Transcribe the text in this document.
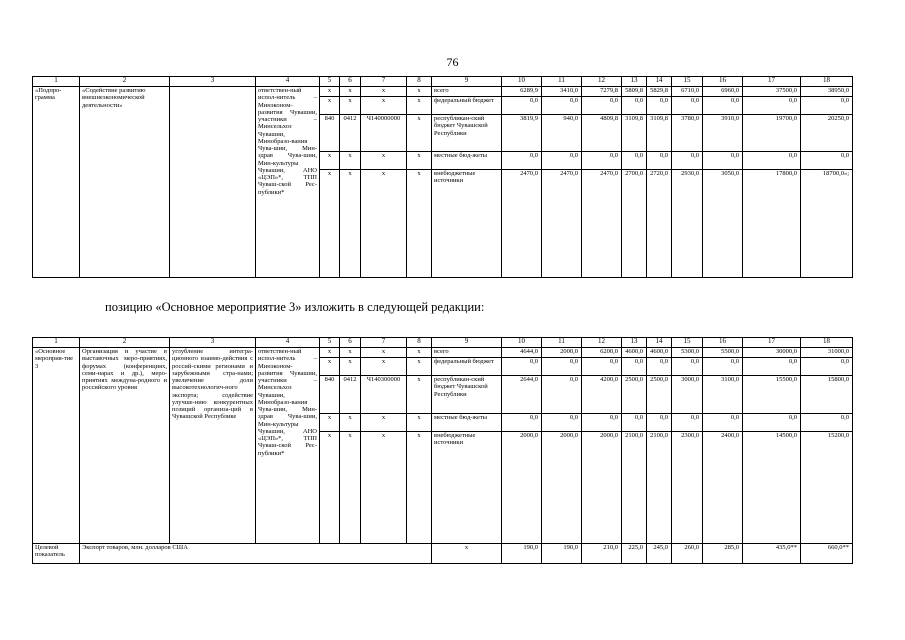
76
1	2	3	4	5	6	7	8	9	10	11	12	13	14	15	16	17	18
«Подпро-грамма	«Содействие развитию внешнеэкономической деятельности»		ответствен-ный испол-нитель – Минэконом-развития Чувашии, участники – Минсельхоз Чувашии, Минобразо-вания Чува-шии, Мин-здрав Чува-шии, Мин-культуры Чувашии, АНО «ЦЭП»*, ТПП Чуваш-ской Рес-публики*	х	х	х	х	всего	6289,9	3410,0	7279,8	5809,8	5829,8	6710,0	6960,0	37500,0	38950,0
				х	х	х	х	федеральный бюджет	0,0	0,0	0,0	0,0	0,0	0,0	0,0	0,0	0,0
				840	0412	Ч140000000	х	республикан-ский бюджет Чувашской Республики	3819,9	940,0	4809,8	3109,8	3109,8	3780,0	3910,0	19700,0	20250,0
				х	х	х	х	местные бюд-жеты	0,0	0,0	0,0	0,0	0,0	0,0	0,0	0,0	0,0
				х	х	х	х	внебюджетные источники	2470,0	2470,0	2470,0	2700,0	2720,0	2930,0	3050,0	17800,0	18700,0»;
позицию «Основное мероприятие 3» изложить в следующей редакции:
1	2	3	4	5	6	7	8	9	10	11	12	13	14	15	16	17	18
«Основное мероприя-тие 3	Организация и участие в выставочных меро-приятиях, форумах (конференциях, семи-нарах и др.), меро-приятиях междуна-родного и российского уровня	углубление интегра-ционного взаимо-действия с россий-скими регионами и зарубежными стра-нами; увеличение доли высокотехнологич-ного экспорта; содействие улучше-нию конкурентных позиций организа-ций в Чувашской Республике	ответствен-ный испол-нитель – Минэконом-развития Чувашии, участники – Минсельхоз Чувашии, Минобразо-вания Чува-шии, Мин-здрав Чува-шии, Мин-культуры Чувашии, АНО «ЦЭП»*, ТПП Чуваш-ской Рес-публики*	х	х	х	х	всего	4644,0	2000,0	6200,0	4600,0	4600,0	5300,0	5500,0	30000,0	31000,0
				х	х	х	х	федеральный бюджет	0,0	0,0	0,0	0,0	0,0	0,0	0,0	0,0	0,0
				840	0412	Ч140300000	х	республикан-ский бюджет Чувашской Республики	2644,0	0,0	4200,0	2500,0	2500,0	3000,0	3100,0	15500,0	15800,0
				х	х	х	х	местные бюд-жеты	0,0	0,0	0,0	0,0	0,0	0,0	0,0	0,0	0,0
				х	х	х	х	внебюджетные источники	2000,0	2000,0	2000,0	2100,0	2100,0	2300,0	2400,0	14500,0	15200,0
Целевой показатель	Экспорт товаров, млн. долларов США							х	190,0	190,0	210,0	225,0	245,0	260,0	285,0	435,0**	660,0**
